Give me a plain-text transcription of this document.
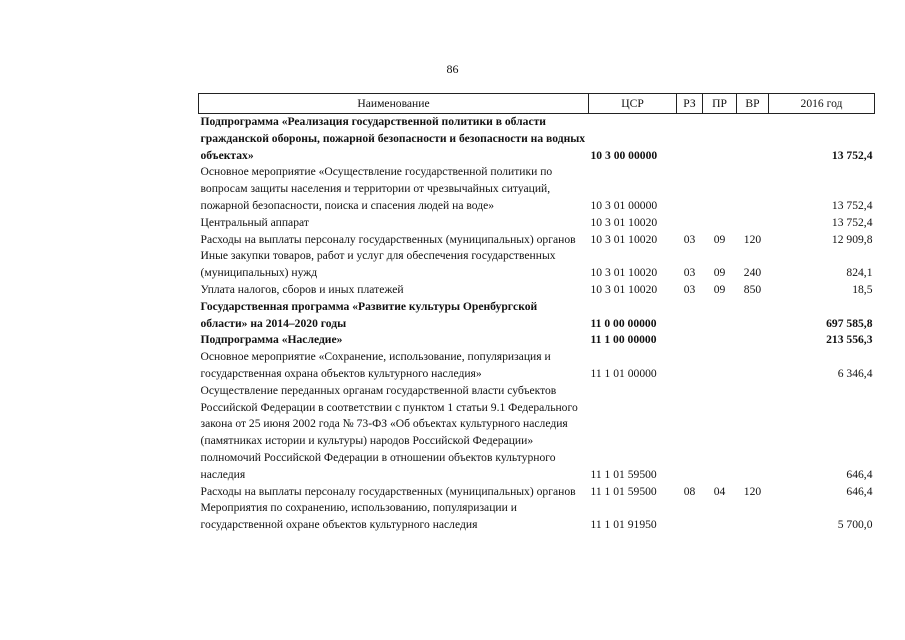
86
Наименование	ЦСР	РЗ	ПР	ВР	2016 год
Подпрограмма «Реализация государственной политики в области гражданской обороны, пожарной безопасности и безопасности на водных объектах»	10 3 00 00000				13 752,4
Основное мероприятие «Осуществление государственной политики по вопросам защиты населения и территории от чрезвычайных ситуаций, пожарной безопасности, поиска и спасения людей на воде»	10 3 01 00000				13 752,4
Центральный аппарат	10 3 01 10020				13 752,4
Расходы на выплаты персоналу государственных (муниципальных) органов	10 3 01 10020	03	09	120	12 909,8
Иные закупки товаров, работ и услуг для обеспечения государственных (муниципальных) нужд	10 3 01 10020	03	09	240	824,1
Уплата налогов, сборов и иных платежей	10 3 01 10020	03	09	850	18,5
Государственная программа «Развитие культуры Оренбургской области» на 2014–2020 годы	11 0 00 00000				697 585,8
Подпрограмма «Наследие»	11 1 00 00000				213 556,3
Основное мероприятие «Сохранение, использование, популяризация и государственная охрана объектов культурного наследия»	11 1 01 00000				6 346,4
Осуществление переданных органам государственной власти субъектов Российской Федерации в соответствии с пунктом 1 статьи 9.1 Федерального закона от 25 июня 2002 года № 73-ФЗ «Об объектах культурного наследия (памятниках истории и культуры) народов Российской Федерации» полномочий Российской Федерации в отношении объектов культурного наследия	11 1 01 59500				646,4
Расходы на выплаты персоналу государственных (муниципальных) органов	11 1 01 59500	08	04	120	646,4
Мероприятия по сохранению, использованию, популяризации и государственной охране объектов культурного наследия	11 1 01 91950				5 700,0
